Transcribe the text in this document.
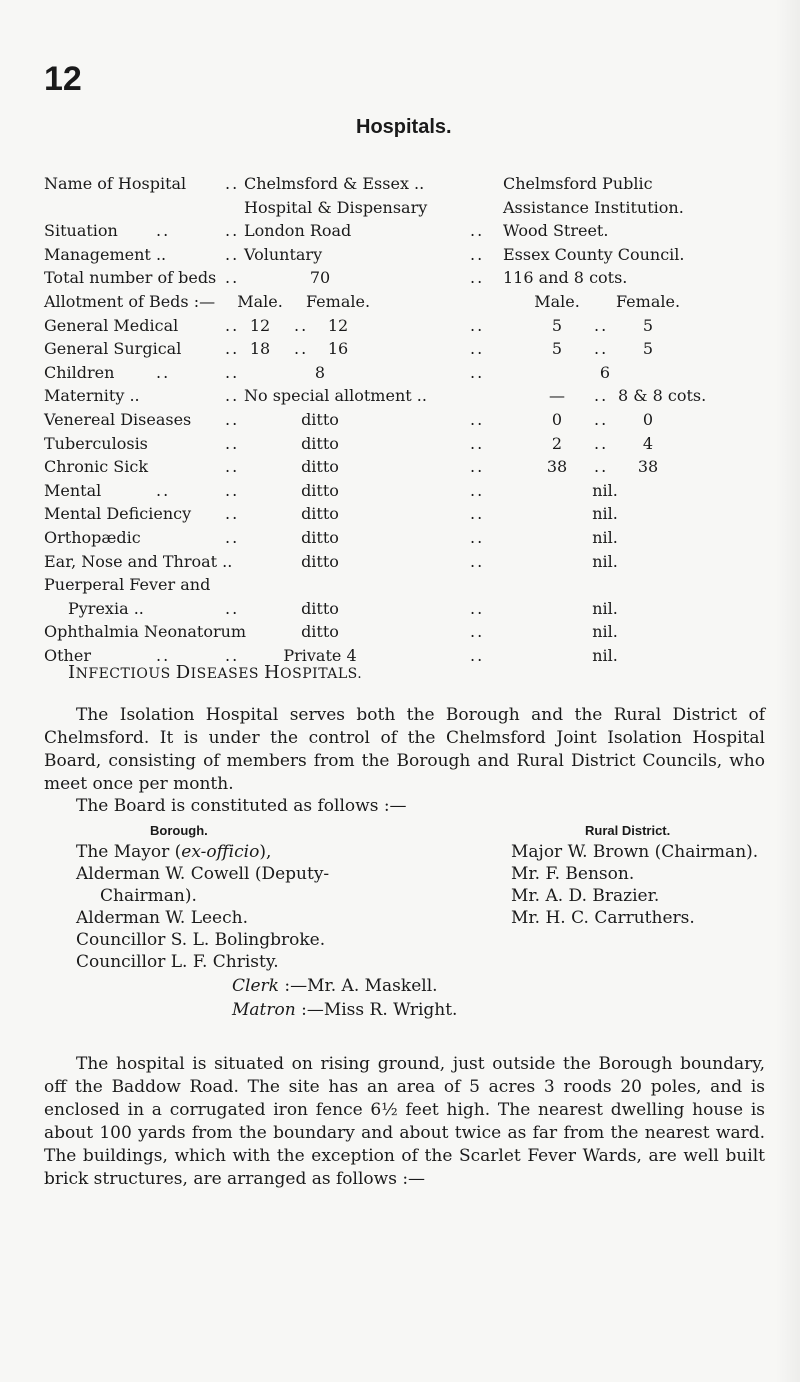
12
Hospitals.
Name of Hospital .. Chelmsford & Essex ..	Chelmsford Public
Hospital & Dispensary	Assistance Institution.
Situation ..	.. London Road	.. Wood Street.
Management ..	.. Voluntary	.. Essex County Council.
Total number of beds ..	70	.. 116 and 8 cots.
Allotment of Beds :—	Male.	Female.	Male.	Female.
General Medical	.. 12	..	12	..	5	..	5
General Surgical	.. 18	..	16	..	5	..	5
Children	..	..	8	..	6
Maternity ..	.. No special allotment ..	—	.. 8 & 8 cots.
Venereal Diseases ..	ditto	..	0	..	0
Tuberculosis	..	ditto	..	2	..	4
Chronic Sick	..	ditto	..	38	..	38
Mental	..	..	ditto	..	nil.
Mental Deficiency ..	ditto	..	nil.
Orthopædic	..	ditto	..	nil.
Ear, Nose and Throat ..	ditto	..	nil.
Puerperal Fever and
Pyrexia ..	..	ditto	..	nil.
Ophthalmia Neonatorum	ditto	..	nil.
Other	..	..	Private 4	..	nil.
INFECTIOUS DISEASES HOSPITALS.
The Isolation Hospital serves both the Borough and the Rural District of Chelmsford. It is under the control of the Chelmsford Joint Isolation Hospital Board, consisting of members from the Borough and Rural District Councils, who meet once per month.
The Board is constituted as follows :—
Borough.	Rural District.
The Mayor (ex-officio),
Alderman W. Cowell (Deputy-
Chairman).
Alderman W. Leech.
Councillor S. L. Bolingbroke.
Councillor L. F. Christy.
Major W. Brown (Chairman).
Mr. F. Benson.
Mr. A. D. Brazier.
Mr. H. C. Carruthers.
Clerk :—Mr. A. Maskell.
Matron :—Miss R. Wright.
The hospital is situated on rising ground, just outside the Borough boundary, off the Baddow Road. The site has an area of 5 acres 3 roods 20 poles, and is enclosed in a corrugated iron fence 6½ feet high. The nearest dwelling house is about 100 yards from the boundary and about twice as far from the nearest ward. The buildings, which with the exception of the Scarlet Fever Wards, are well built brick structures, are arranged as follows :—
